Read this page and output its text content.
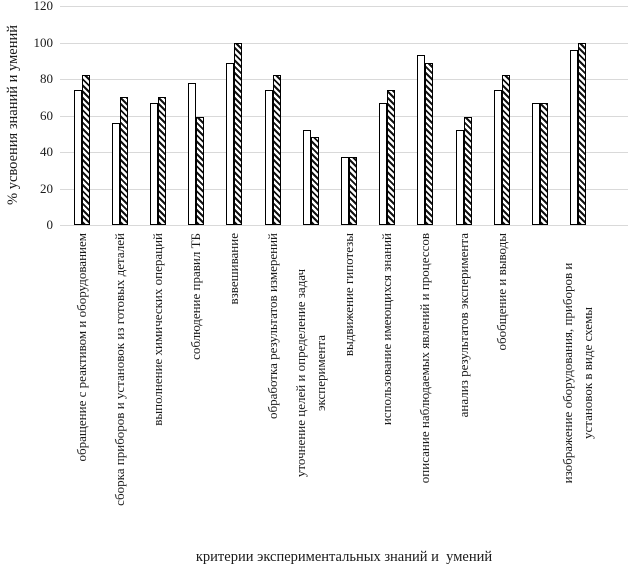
% усвоения знаний и умений
0
20
40
60
80
100
120
обращение с реактивом и оборудованием сборка приборов и установок из готовых деталей выполнение химических операций соблюдение правил ТБ взвешивание обработка результатов измерений
уточнение целей и определение задач
эксперимента
выдвижение гипотезы использование имеющихся знаний описание наблюдаемых явлений и процессов анализ результатов эксперимента обобщение и выводы
изображение оборудования, приборов и
установок в виде схемы
критерии экспериментальных знаний и  умений
